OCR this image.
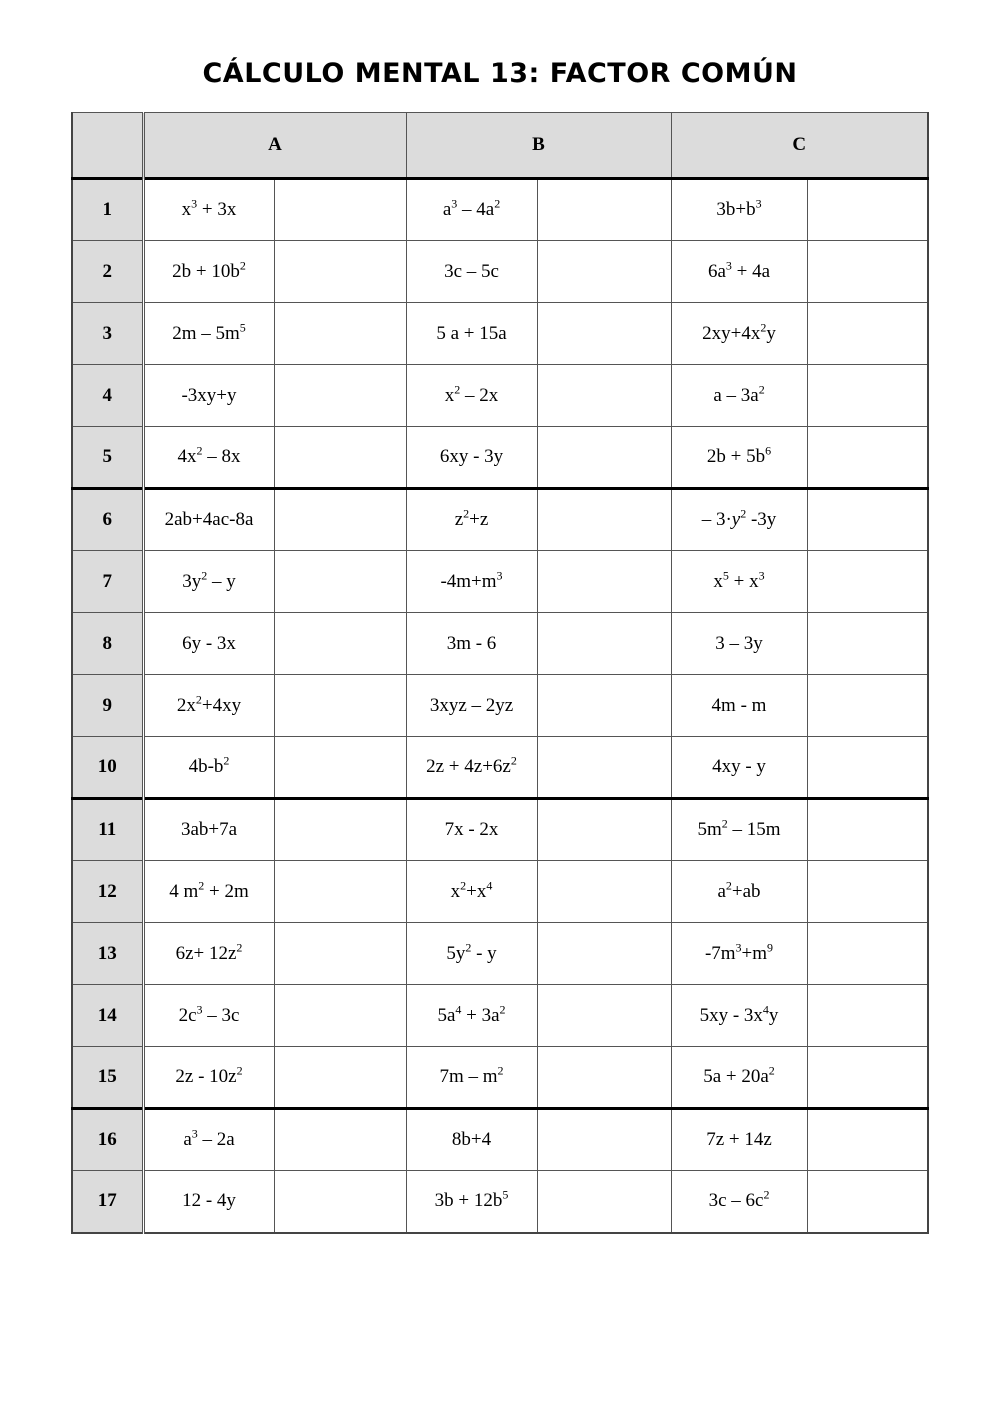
CÁLCULO MENTAL 13: FACTOR COMÚN
	A		B		C	
1	$x^3 + 3x$		$a^3 - 4a^2$		$3b+b^3$	
2	$2b + 10b^2$		3c – 5c		$6a^3 + 4a$	
3	$2m - 5m^5$		5 a + 15a		$2xy+4x^2y$	
4	-3xy+y		$x^2 - 2x$		a – $3a^2$	
5	$4x^2 - 8x$		6xy - 3y		$2b + 5b^6$	
6	2ab+4ac-8a		$z^2+z$		– $3\cdot y^2$ -3y	
7	$3y^2$ – y		$-4m+m^3$		$x^5 + x^3$	
8	6y - 3x		3m - 6		3 – 3y	
9	$2x^2+4xy$		3xyz – 2yz		4m - m	
10	$4b-b^2$		$2z + 4z+6z^2$		4xy - y	
11	3ab+7a		7x - 2x		$5m^2 - 15m$	
12	4 $m^2 + 2m$		$x^2+x^4$		$a^2+ab$	
13	$6z+ 12z^2$		$5y^2$ - y		$-7m^3+m^9$	
14	$2c^3 - 3c$		$5a^4 + 3a^2$		$5xy - 3x^4y$	
15	$2z - 10z^2$		$7m - m^2$		$5a + 20a^2$	
16	$a^3 - 2a$		8b+4		7z + 14z	
17	12 - 4y		$3b + 12b^5$		$3c - 6c^2$	
